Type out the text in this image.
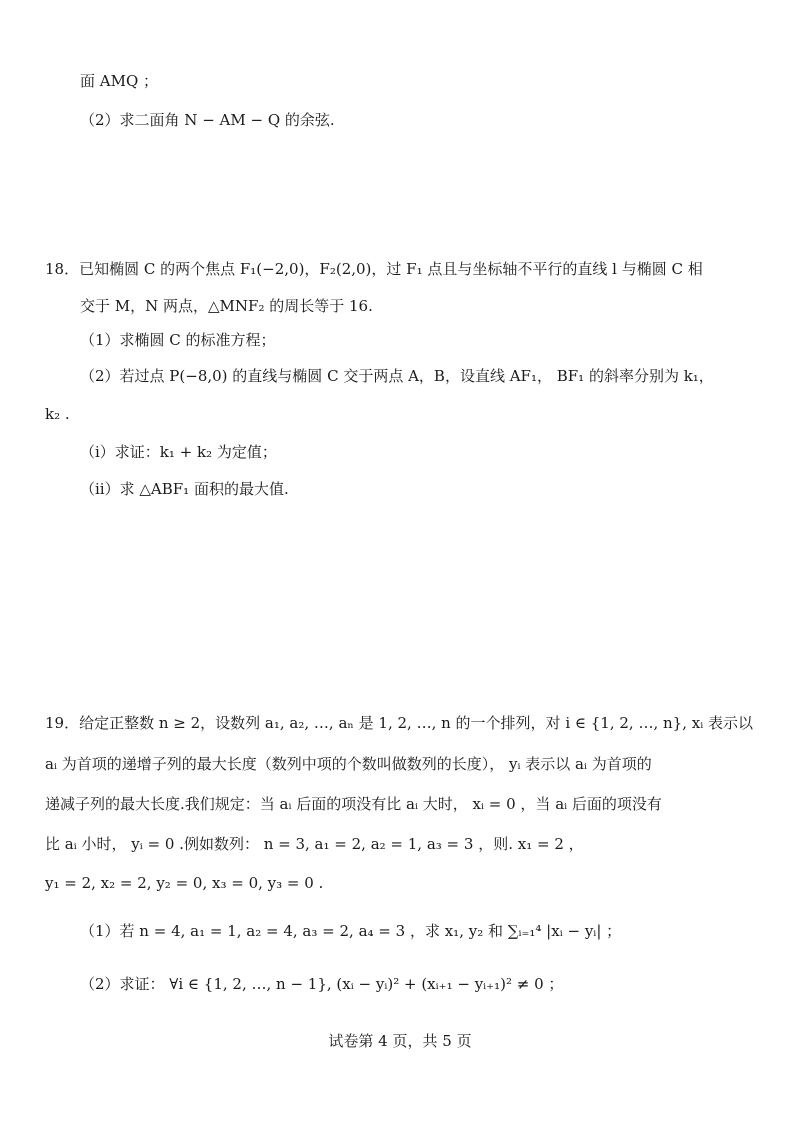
面 AMQ ；
（2）求二面角 N − AM − Q 的余弦.
18．已知椭圆 C 的两个焦点 F₁(−2,0)，F₂(2,0)，过 F₁ 点且与坐标轴不平行的直线 l 与椭圆 C 相
交于 M，N 两点，△MNF₂ 的周长等于 16.
（1）求椭圆 C 的标准方程；
（2）若过点 P(−8,0) 的直线与椭圆 C 交于两点 A，B，设直线 AF₁， BF₁ 的斜率分别为 k₁，
k₂ .
（i）求证：k₁ + k₂ 为定值；
（ii）求 △ABF₁ 面积的最大值.
19．给定正整数 n ≥ 2，设数列 a₁, a₂, …, aₙ 是 1, 2, …, n 的一个排列，对 i ∈ {1, 2, …, n}, xᵢ 表示以
aᵢ 为首项的递增子列的最大长度（数列中项的个数叫做数列的长度）， yᵢ 表示以 aᵢ 为首项的
递减子列的最大长度.我们规定：当 aᵢ 后面的项没有比 aᵢ 大时， xᵢ = 0 ，当 aᵢ 后面的项没有
比 aᵢ 小时， yᵢ = 0 .例如数列： n = 3, a₁ = 2, a₂ = 1, a₃ = 3 ，则. x₁ = 2 ，
y₁ = 2, x₂ = 2, y₂ = 0, x₃ = 0, y₃ = 0 .
（1）若 n = 4, a₁ = 1, a₂ = 4, a₃ = 2, a₄ = 3 ，求 x₁, y₂ 和 ∑ᵢ₌₁⁴ |xᵢ − yᵢ| ；
（2）求证： ∀i ∈ {1, 2, …, n − 1}, (xᵢ − yᵢ)² + (xᵢ₊₁ − yᵢ₊₁)² ≠ 0 ；
试卷第 4 页，共 5 页
